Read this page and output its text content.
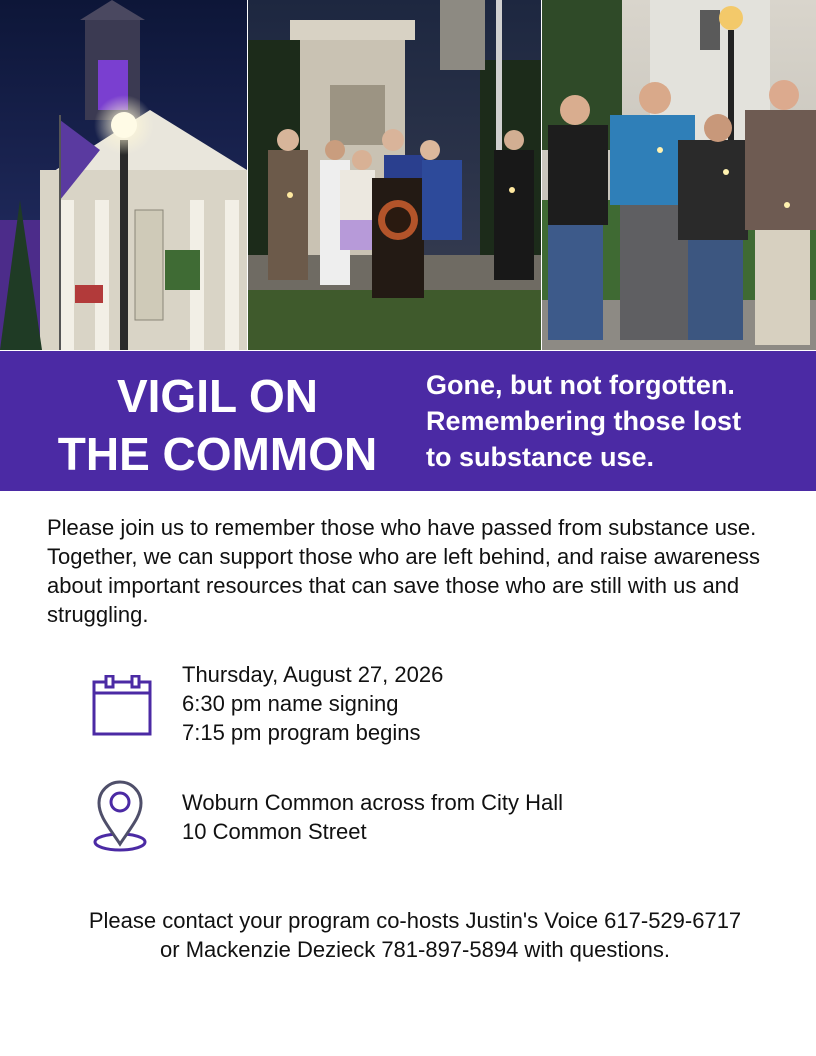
VIGIL ON
THE COMMON
Gone, but not forgotten.
Remembering those lost
to substance use.
Please join us to remember those who have passed from substance use. Together, we can support those who are left behind, and raise awareness about important resources that can save those who are still with us and struggling.
Thursday, August 27, 2026
6:30 pm name signing
7:15 pm program begins
Woburn Common across from City Hall
10 Common Street
Please contact your program co-hosts Justin's Voice 617-529-6717
or Mackenzie Dezieck 781-897-5894 with questions.
